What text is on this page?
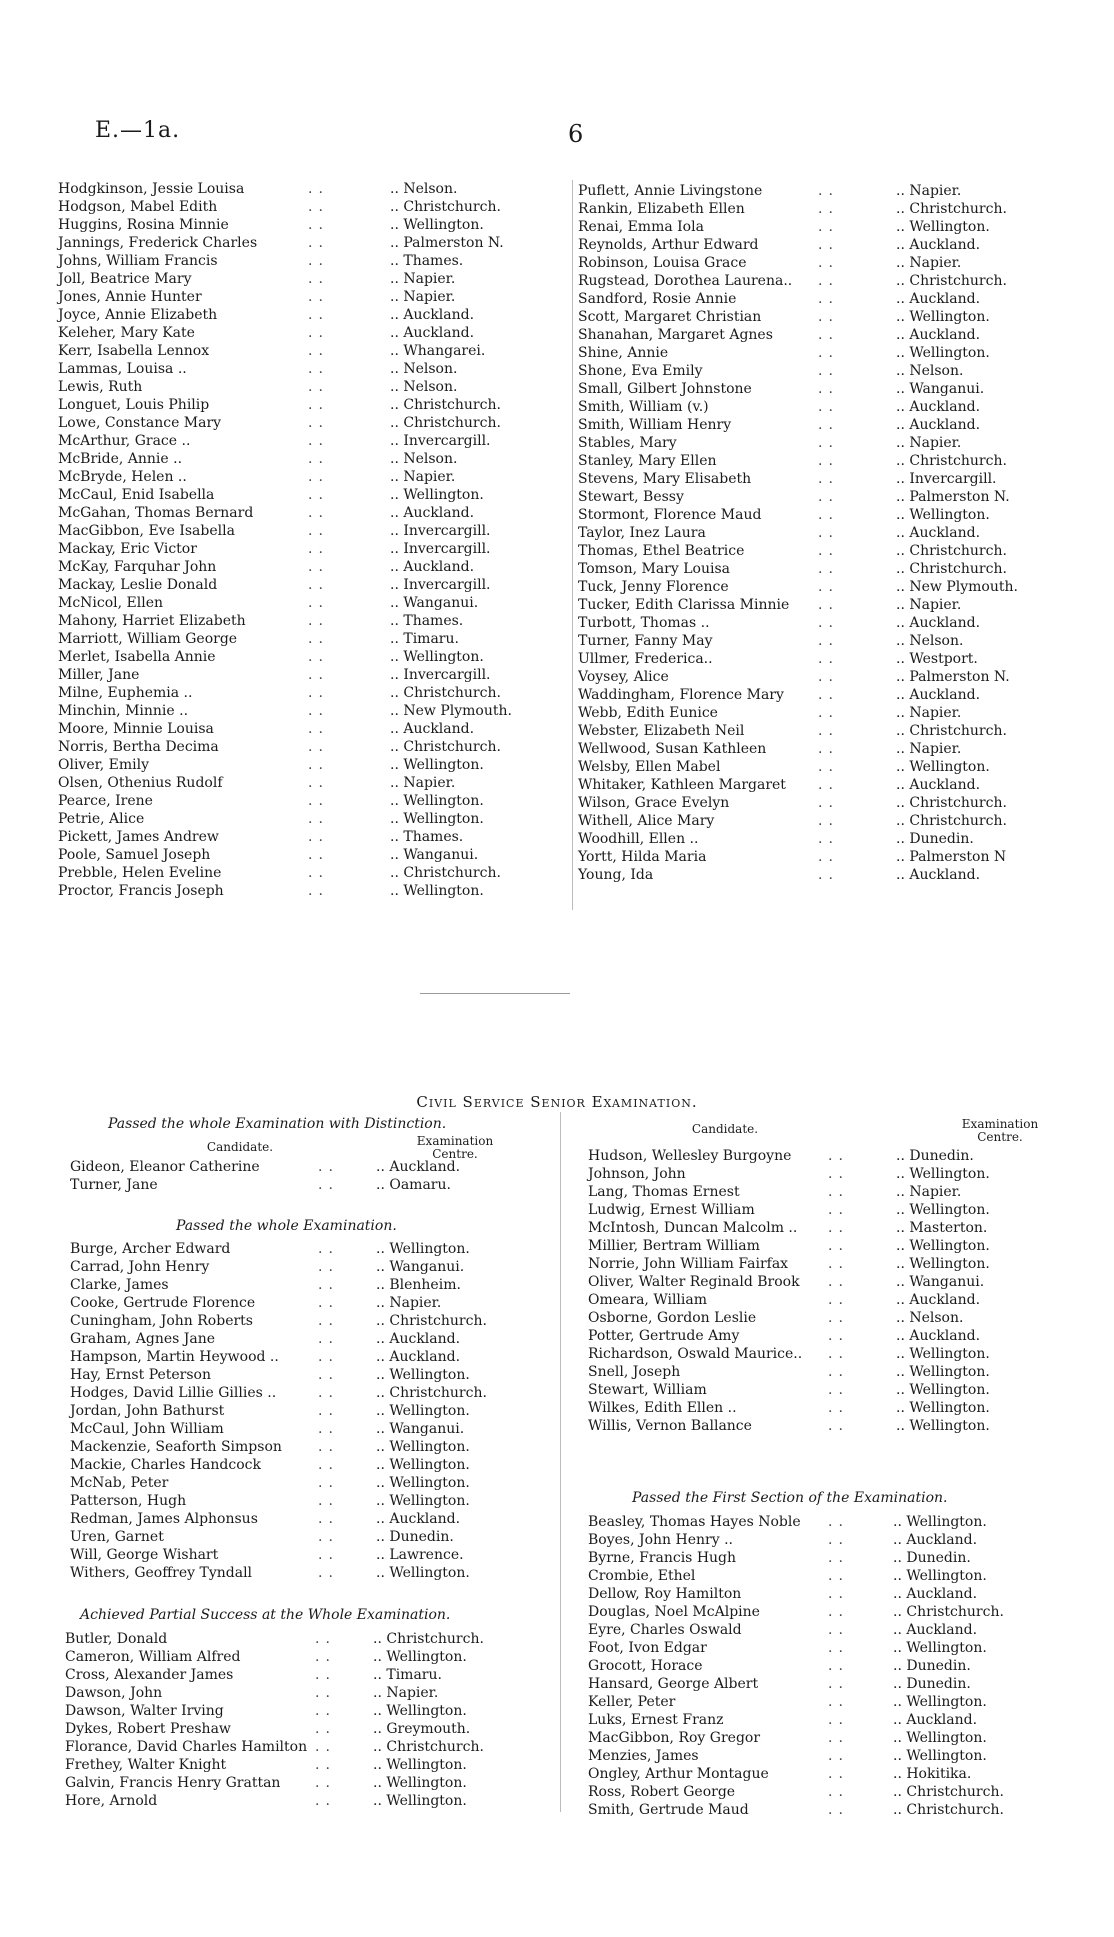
E.—1a.	6
Hodgkinson, Jessie Louisa	..	.. Nelson.
Hodgson, Mabel Edith	..	.. Christchurch.
Huggins, Rosina Minnie	..	.. Wellington.
Jannings, Frederick Charles	..	.. Palmerston N.
Johns, William Francis	..	.. Thames.
Joll, Beatrice Mary	..	.. Napier.
Jones, Annie Hunter	..	.. Napier.
Joyce, Annie Elizabeth	..	.. Auckland.
Keleher, Mary Kate	..	.. Auckland.
Kerr, Isabella Lennox	..	.. Whangarei.
Lammas, Louisa ..	..	.. Nelson.
Lewis, Ruth	..	.. Nelson.
Longuet, Louis Philip	..	.. Christchurch.
Lowe, Constance Mary	..	.. Christchurch.
McArthur, Grace ..	..	.. Invercargill.
McBride, Annie ..	..	.. Nelson.
McBryde, Helen ..	..	.. Napier.
McCaul, Enid Isabella	..	.. Wellington.
McGahan, Thomas Bernard	..	.. Auckland.
MacGibbon, Eve Isabella	..	.. Invercargill.
Mackay, Eric Victor	..	.. Invercargill.
McKay, Farquhar John	..	.. Auckland.
Mackay, Leslie Donald	..	.. Invercargill.
McNicol, Ellen	..	.. Wanganui.
Mahony, Harriet Elizabeth	..	.. Thames.
Marriott, William George	..	.. Timaru.
Merlet, Isabella Annie	..	.. Wellington.
Miller, Jane	..	.. Invercargill.
Milne, Euphemia ..	..	.. Christchurch.
Minchin, Minnie ..	..	.. New Plymouth.
Moore, Minnie Louisa	..	.. Auckland.
Norris, Bertha Decima	..	.. Christchurch.
Oliver, Emily	..	.. Wellington.
Olsen, Othenius Rudolf	..	.. Napier.
Pearce, Irene	..	.. Wellington.
Petrie, Alice	..	.. Wellington.
Pickett, James Andrew	..	.. Thames.
Poole, Samuel Joseph	..	.. Wanganui.
Prebble, Helen Eveline	..	.. Christchurch.
Proctor, Francis Joseph	..	.. Wellington.
Puflett, Annie Livingstone	..	.. Napier.
Rankin, Elizabeth Ellen	..	.. Christchurch.
Renai, Emma Iola	..	.. Wellington.
Reynolds, Arthur Edward	..	.. Auckland.
Robinson, Louisa Grace	..	.. Napier.
Rugstead, Dorothea Laurena.. ..	.. Christchurch.
Sandford, Rosie Annie	..	.. Auckland.
Scott, Margaret Christian	..	.. Wellington.
Shanahan, Margaret Agnes	..	.. Auckland.
Shine, Annie	..	.. Wellington.
Shone, Eva Emily	..	.. Nelson.
Small, Gilbert Johnstone	..	.. Wanganui.
Smith, William (v.)	..	.. Auckland.
Smith, William Henry	..	.. Auckland.
Stables, Mary	..	.. Napier.
Stanley, Mary Ellen	..	.. Christchurch.
Stevens, Mary Elisabeth	..	.. Invercargill.
Stewart, Bessy	..	.. Palmerston N.
Stormont, Florence Maud	..	.. Wellington.
Taylor, Inez Laura	..	.. Auckland.
Thomas, Ethel Beatrice	..	.. Christchurch.
Tomson, Mary Louisa	..	.. Christchurch.
Tuck, Jenny Florence	..	.. New Plymouth.
Tucker, Edith Clarissa Minnie ..	.. Napier.
Turbott, Thomas ..	..	.. Auckland.
Turner, Fanny May	..	.. Nelson.
Ullmer, Frederica..	..	.. Westport.
Voysey, Alice	..	.. Palmerston N.
Waddingham, Florence Mary ..	.. Auckland.
Webb, Edith Eunice	..	.. Napier.
Webster, Elizabeth Neil	..	.. Christchurch.
Wellwood, Susan Kathleen	..	.. Napier.
Welsby, Ellen Mabel	..	.. Wellington.
Whitaker, Kathleen Margaret ..	.. Auckland.
Wilson, Grace Evelyn	..	.. Christchurch.
Withell, Alice Mary	..	.. Christchurch.
Woodhill, Ellen ..	..	.. Dunedin.
Yortt, Hilda Maria	..	.. Palmerston N
Young, Ida	..	.. Auckland.
Civil Service Senior Examination.
Passed the whole Examination with Distinction.
Candidate.	Examination Centre.
Gideon, Eleanor Catherine	..	.. Auckland.
Turner, Jane	..	.. Oamaru.
Passed the whole Examination.
Burge, Archer Edward	..	.. Wellington.
Carrad, John Henry	..	.. Wanganui.
Clarke, James	..	.. Blenheim.
Cooke, Gertrude Florence	..	.. Napier.
Cuningham, John Roberts	..	.. Christchurch.
Graham, Agnes Jane	..	.. Auckland.
Hampson, Martin Heywood ..	..	.. Auckland.
Hay, Ernst Peterson	..	.. Wellington.
Hodges, David Lillie Gillies ..	..	.. Christchurch.
Jordan, John Bathurst	..	.. Wellington.
McCaul, John William	..	.. Wanganui.
Mackenzie, Seaforth Simpson	..	.. Wellington.
Mackie, Charles Handcock	..	.. Wellington.
McNab, Peter	..	.. Wellington.
Patterson, Hugh	..	.. Wellington.
Redman, James Alphonsus	..	.. Auckland.
Uren, Garnet	..	.. Dunedin.
Will, George Wishart	..	.. Lawrence.
Withers, Geoffrey Tyndall	..	.. Wellington.
Achieved Partial Success at the Whole Examination.
Butler, Donald	..	.. Christchurch.
Cameron, William Alfred	..	.. Wellington.
Cross, Alexander James	..	.. Timaru.
Dawson, John	..	.. Napier.
Dawson, Walter Irving	..	.. Wellington.
Dykes, Robert Preshaw	..	.. Greymouth.
Florance, David Charles Hamilton ..	.. Christchurch.
Frethey, Walter Knight	..	.. Wellington.
Galvin, Francis Henry Grattan ..	.. Wellington.
Hore, Arnold	..	.. Wellington.
Candidate.	Examination Centre.
Hudson, Wellesley Burgoyne	..	.. Dunedin.
Johnson, John	..	.. Wellington.
Lang, Thomas Ernest	..	.. Napier.
Ludwig, Ernest William	..	.. Wellington.
McIntosh, Duncan Malcolm .. ..	.. Masterton.
Millier, Bertram William	..	.. Wellington.
Norrie, John William Fairfax	..	.. Wellington.
Oliver, Walter Reginald Brook ..	.. Wanganui.
Omeara, William	..	.. Auckland.
Osborne, Gordon Leslie	..	.. Nelson.
Potter, Gertrude Amy	..	.. Auckland.
Richardson, Oswald Maurice.. ..	.. Wellington.
Snell, Joseph	..	.. Wellington.
Stewart, William	..	.. Wellington.
Wilkes, Edith Ellen ..	..	.. Wellington.
Willis, Vernon Ballance	..	.. Wellington.
Passed the First Section of the Examination.
Beasley, Thomas Hayes Noble ..	.. Wellington.
Boyes, John Henry ..	..	.. Auckland.
Byrne, Francis Hugh	..	.. Dunedin.
Crombie, Ethel	..	.. Wellington.
Dellow, Roy Hamilton	..	.. Auckland.
Douglas, Noel McAlpine	..	.. Christchurch.
Eyre, Charles Oswald	..	.. Auckland.
Foot, Ivon Edgar	..	.. Wellington.
Grocott, Horace	..	.. Dunedin.
Hansard, George Albert	..	.. Dunedin.
Keller, Peter	..	.. Wellington.
Luks, Ernest Franz	..	.. Auckland.
MacGibbon, Roy Gregor	..	.. Wellington.
Menzies, James	..	.. Wellington.
Ongley, Arthur Montague	..	.. Hokitika.
Ross, Robert George	..	.. Christchurch.
Smith, Gertrude Maud	..	.. Christchurch.
